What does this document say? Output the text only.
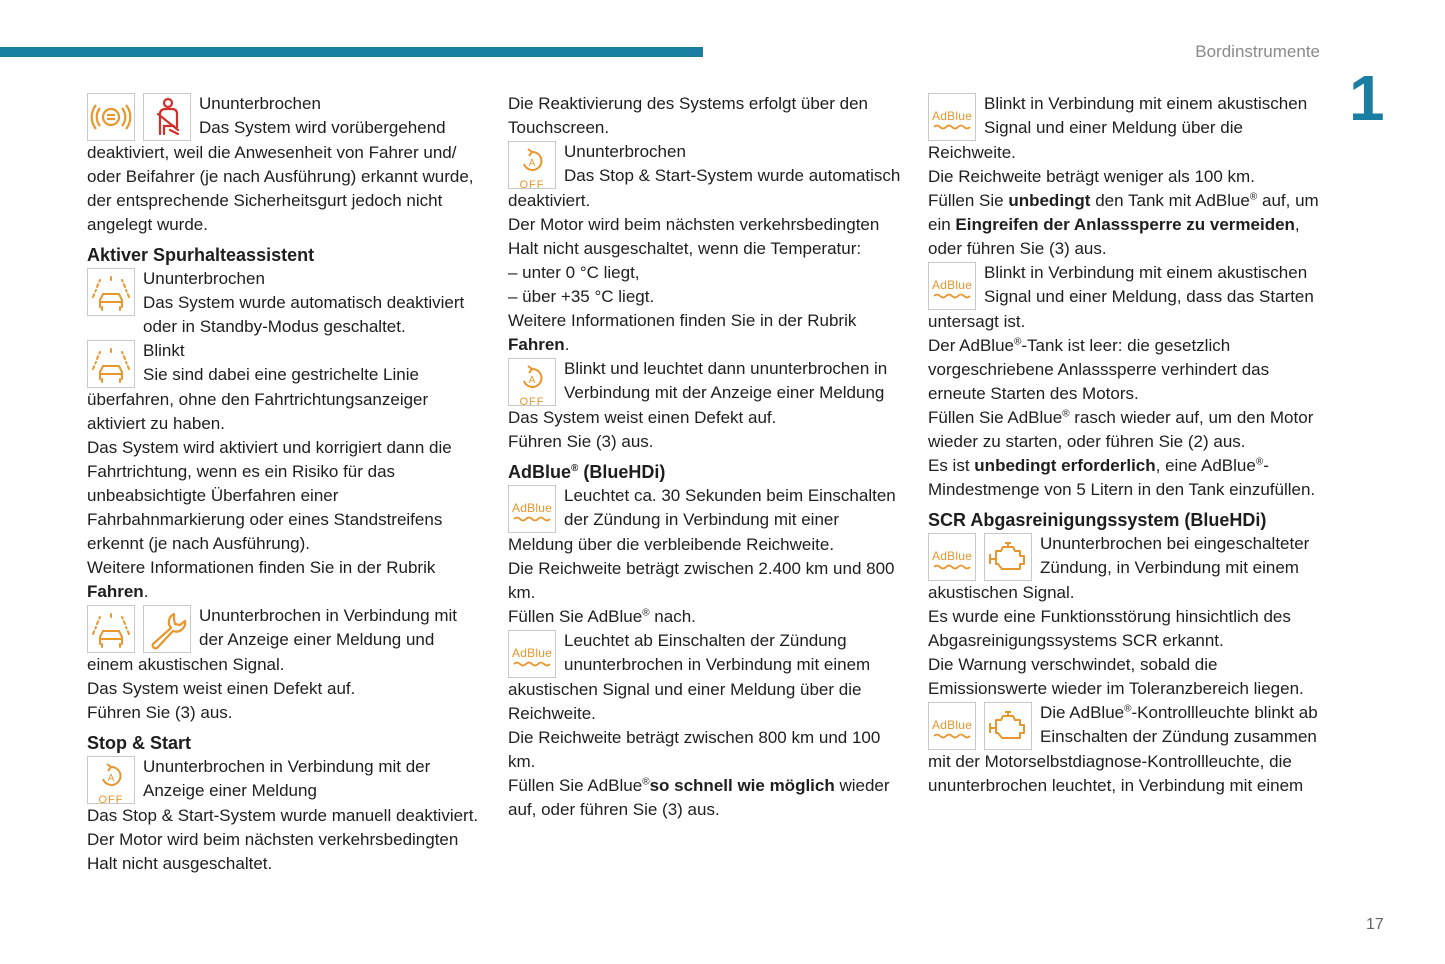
Bordinstrumente
1
17

Ununterbrochen

Das System wird vorübergehend

deaktiviert, weil die Anwesenheit von Fahrer und/ oder Beifahrer (je nach Ausführung) erkannt wurde, der entsprechende Sicherheitsgurt jedoch nicht angelegt wurde.

Aktiver Spurhalteassistent

Ununterbrochen

Das System wurde automatisch deaktiviert

oder in Standby-Modus geschaltet.

Blinkt

Sie sind dabei eine gestrichelte Linie

überfahren, ohne den Fahrtrichtungsanzeiger aktiviert zu haben.

Das System wird aktiviert und korrigiert dann die Fahrtrichtung, wenn es ein Risiko für das unbeabsichtigte Überfahren einer Fahrbahnmarkierung oder eines Standstreifens erkennt (je nach Ausführung).

Weitere Informationen finden Sie in der Rubrik Fahren.

Ununterbrochen in Verbindung mit

der Anzeige einer Meldung und

einem akustischen Signal.

Das System weist einen Defekt auf.

Führen Sie (3) aus.

Stop & Start

A
OFF

Ununterbrochen in Verbindung mit der

Anzeige einer Meldung

Das Stop & Start-System wurde manuell deaktiviert.

Der Motor wird beim nächsten verkehrsbedingten Halt nicht ausgeschaltet.

Die Reaktivierung des Systems erfolgt über den Touchscreen.

A
OFF

Ununterbrochen

Das Stop & Start-System wurde automatisch

deaktiviert.

Der Motor wird beim nächsten verkehrsbedingten Halt nicht ausgeschaltet, wenn die Temperatur:

– unter 0 °C liegt,

– über +35 °C liegt.

Weitere Informationen finden Sie in der Rubrik Fahren.

A
OFF

Blinkt und leuchtet dann ununterbrochen in

Verbindung mit der Anzeige einer Meldung

Das System weist einen Defekt auf.

Führen Sie (3) aus.

AdBlue® (BlueHDi)

AdBlue

Leuchtet ca. 30 Sekunden beim Einschalten

der Zündung in Verbindung mit einer

Meldung über die verbleibende Reichweite.

Die Reichweite beträgt zwischen 2.400 km und 800 km.

Füllen Sie AdBlue® nach.

AdBlue

Leuchtet ab Einschalten der Zündung

ununterbrochen in Verbindung mit einem

akustischen Signal und einer Meldung über die Reichweite.

Die Reichweite beträgt zwischen 800 km und 100 km.

Füllen Sie AdBlue®so schnell wie möglich wieder auf, oder führen Sie (3) aus.

AdBlue

Blinkt in Verbindung mit einem akustischen

Signal und einer Meldung über die

Reichweite.

Die Reichweite beträgt weniger als 100 km.

Füllen Sie unbedingt den Tank mit AdBlue® auf, um ein Eingreifen der Anlasssperre zu vermeiden, oder führen Sie (3) aus.

AdBlue

Blinkt in Verbindung mit einem akustischen

Signal und einer Meldung, dass das Starten

untersagt ist.

Der AdBlue®-Tank ist leer: die gesetzlich vorgeschriebene Anlasssperre verhindert das erneute Starten des Motors.

Füllen Sie AdBlue® rasch wieder auf, um den Motor wieder zu starten, oder führen Sie (2) aus.

Es ist unbedingt erforderlich, eine AdBlue®-Mindestmenge von 5 Litern in den Tank einzufüllen.

SCR Abgasreinigungssystem (BlueHDi)

AdBlue

Ununterbrochen bei eingeschalteter

Zündung, in Verbindung mit einem

akustischen Signal.

Es wurde eine Funktionsstörung hinsichtlich des Abgasreinigungssystems SCR erkannt.

Die Warnung verschwindet, sobald die Emissionswerte wieder im Toleranzbereich liegen.

AdBlue

Die AdBlue®-Kontrollleuchte blinkt ab

Einschalten der Zündung zusammen

mit der Motorselbstdiagnose-Kontrollleuchte, die ununterbrochen leuchtet, in Verbindung mit einem
